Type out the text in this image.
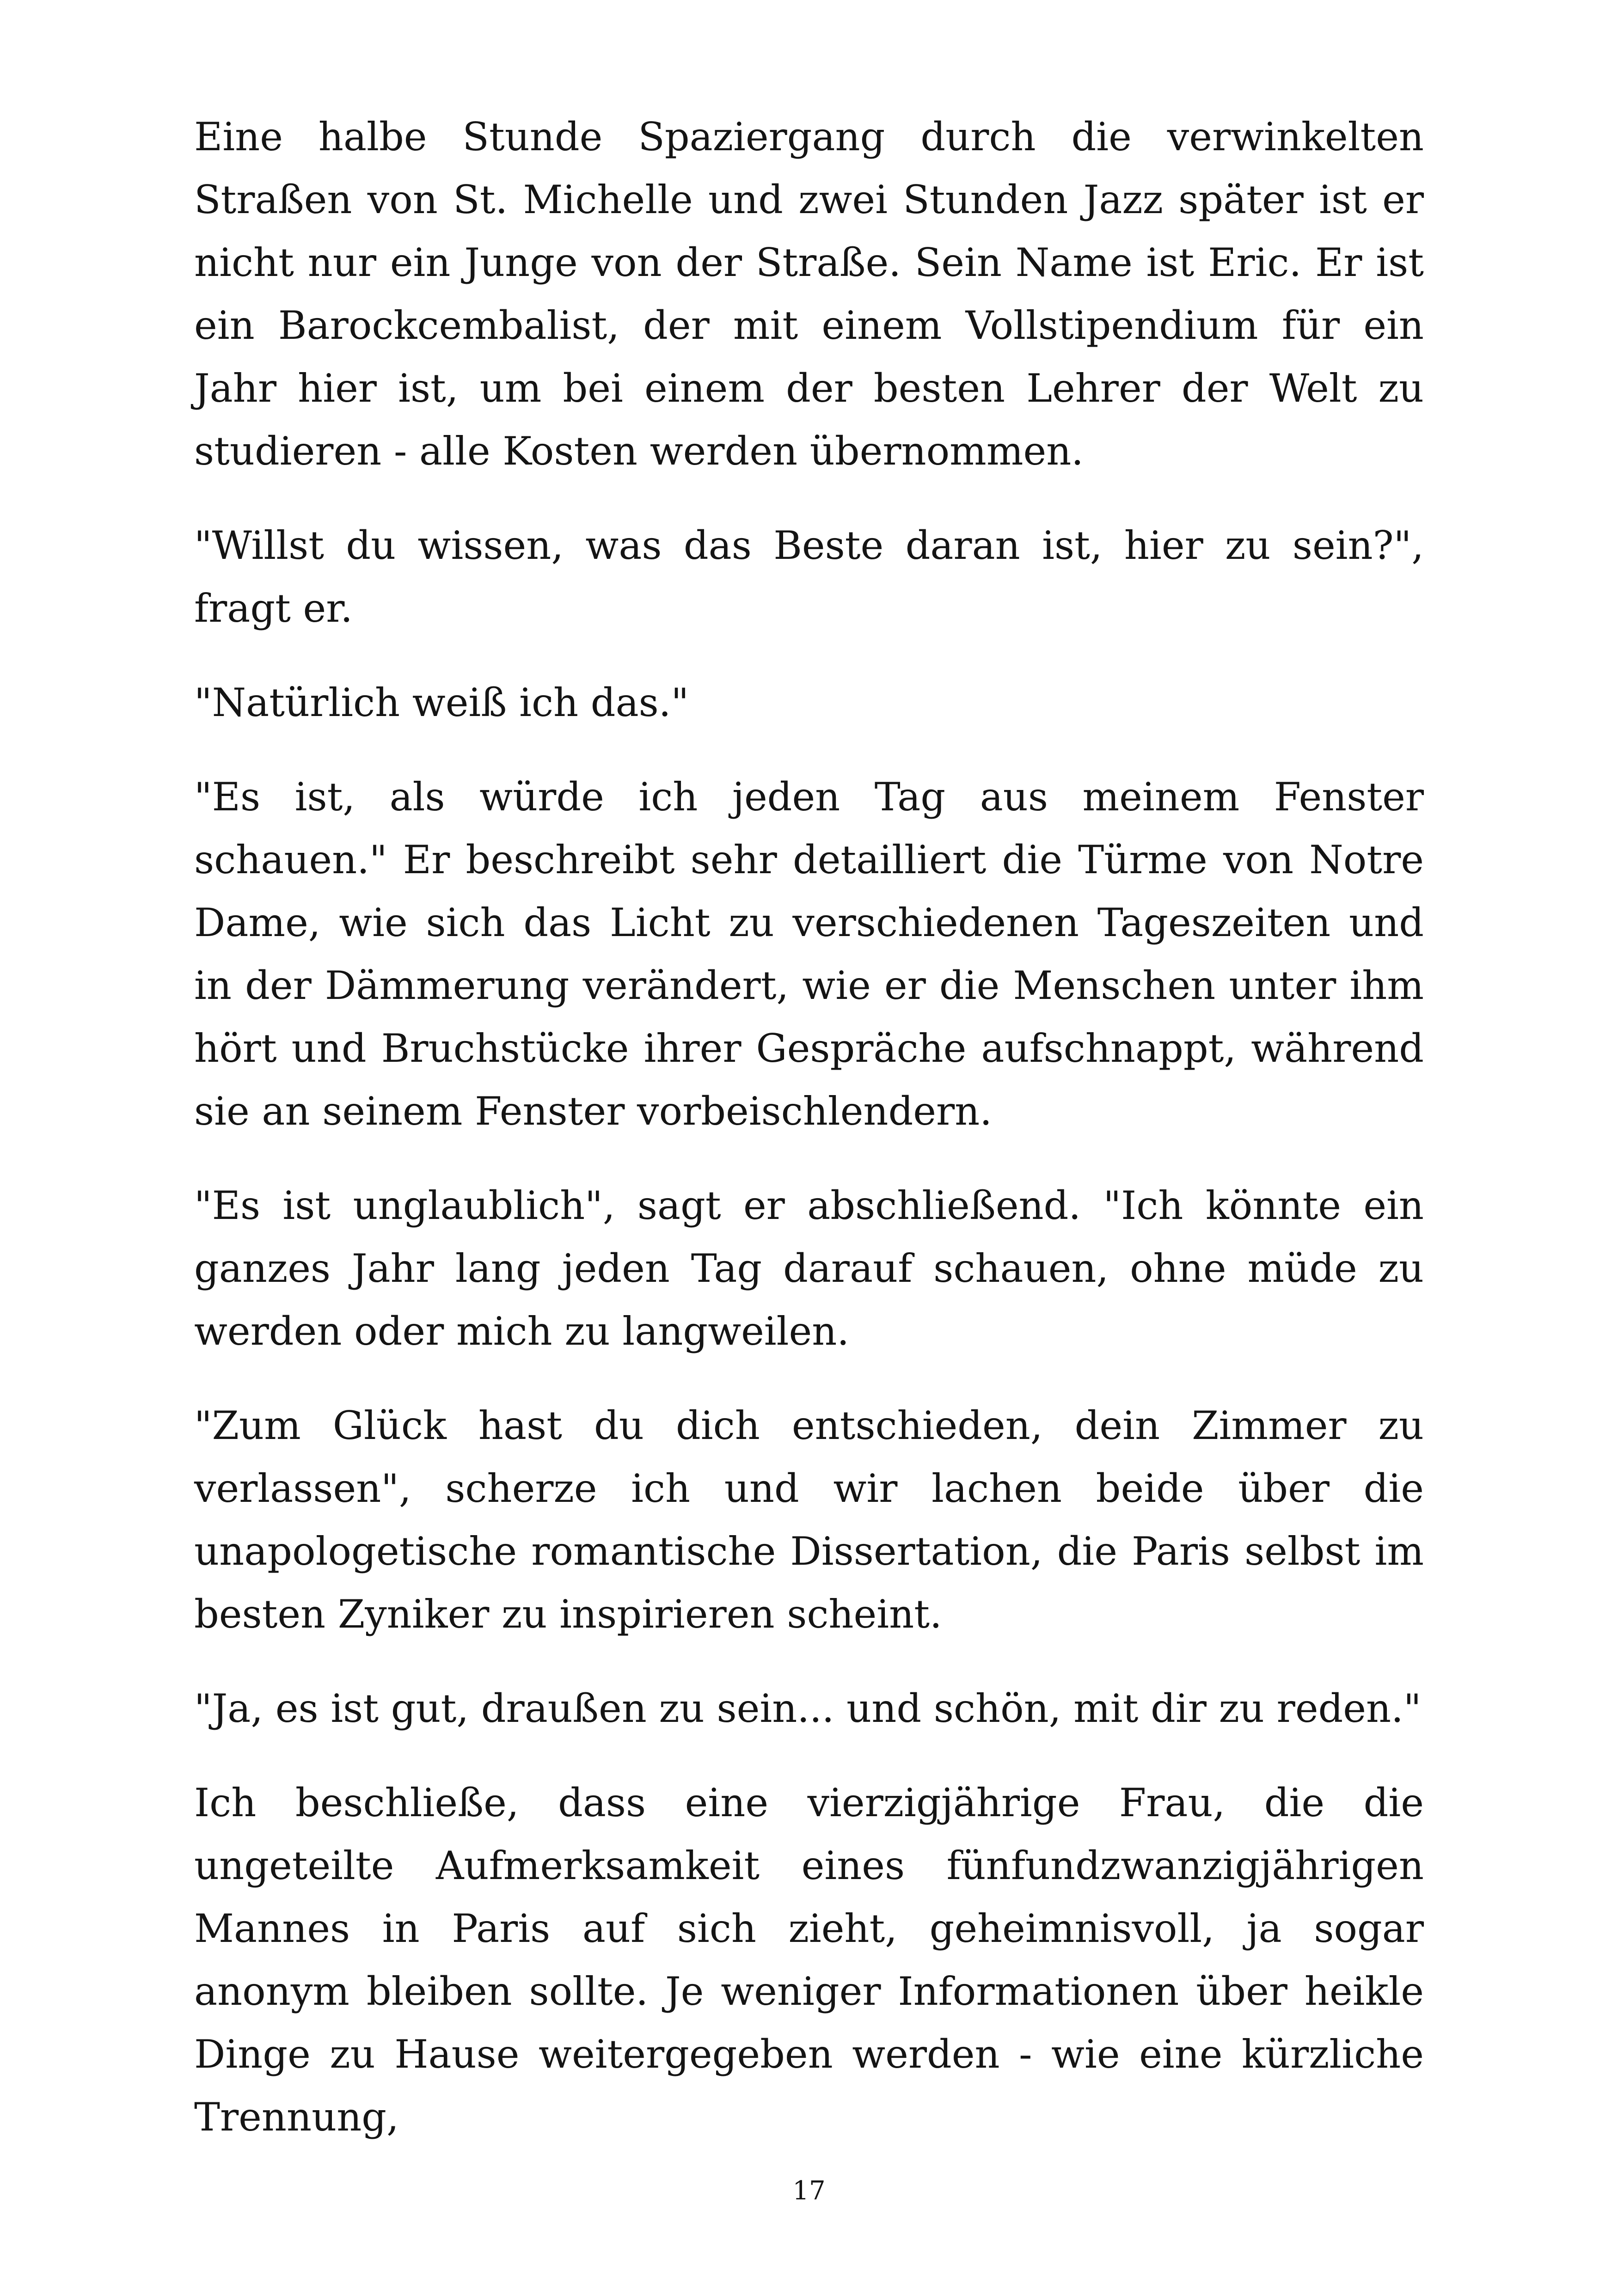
Eine halbe Stunde Spaziergang durch die verwinkelten Straßen von St. Michelle und zwei Stunden Jazz später ist er nicht nur ein Junge von der Straße. Sein Name ist Eric. Er ist ein Barockcembalist, der mit einem Vollstipendium für ein Jahr hier ist, um bei einem der besten Lehrer der Welt zu studieren - alle Kosten werden übernommen.

"Willst du wissen, was das Beste daran ist, hier zu sein?", fragt er.

"Natürlich weiß ich das."

"Es ist, als würde ich jeden Tag aus meinem Fenster schauen." Er beschreibt sehr detailliert die Türme von Notre Dame, wie sich das Licht zu verschiedenen Tageszeiten und in der Dämmerung verändert, wie er die Menschen unter ihm hört und Bruchstücke ihrer Gespräche aufschnappt, während sie an seinem Fenster vorbeischlendern.

"Es ist unglaublich", sagt er abschließend. "Ich könnte ein ganzes Jahr lang jeden Tag darauf schauen, ohne müde zu werden oder mich zu langweilen.

"Zum Glück hast du dich entschieden, dein Zimmer zu verlassen", scherze ich und wir lachen beide über die unapologetische romantische Dissertation, die Paris selbst im besten Zyniker zu inspirieren scheint.

"Ja, es ist gut, draußen zu sein... und schön, mit dir zu reden."

Ich beschließe, dass eine vierzigjährige Frau, die die ungeteilte Aufmerksamkeit eines fünfundzwanzigjährigen Mannes in Paris auf sich zieht, geheimnisvoll, ja sogar anonym bleiben sollte. Je weniger Informationen über heikle Dinge zu Hause weitergegeben werden - wie eine kürzliche Trennung,

17
